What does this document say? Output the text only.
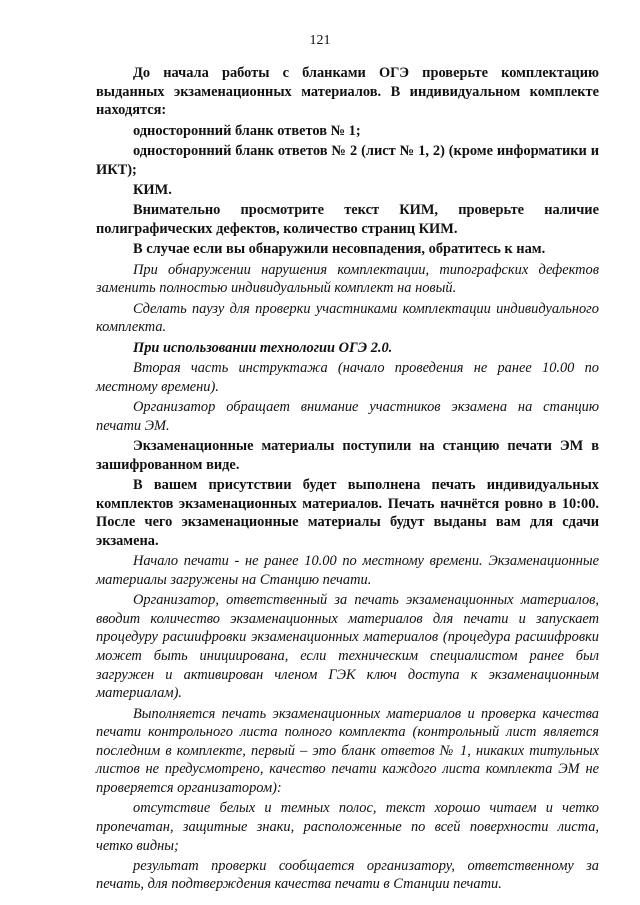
121

До начала работы с бланками ОГЭ проверьте комплектацию выданных экзаменационных материалов. В индивидуальном комплекте находятся:

односторонний бланк ответов № 1;

односторонний бланк ответов № 2 (лист № 1, 2) (кроме информатики и ИКТ);

КИМ.

Внимательно просмотрите текст КИМ, проверьте наличие полиграфических дефектов, количество страниц КИМ.

В случае если вы обнаружили несовпадения, обратитесь к нам.

При обнаружении нарушения комплектации, типографских дефектов заменить полностью индивидуальный комплект на новый.

Сделать паузу для проверки участниками комплектации индивидуального комплекта.

При использовании технологии ОГЭ 2.0.

Вторая часть инструктажа (начало проведения не ранее 10.00 по местному времени).

Организатор обращает внимание участников экзамена на станцию печати ЭМ.

Экзаменационные материалы поступили на станцию печати ЭМ в зашифрованном виде.

В вашем присутствии будет выполнена печать индивидуальных комплектов экзаменационных материалов. Печать начнётся ровно в 10:00. После чего экзаменационные материалы будут выданы вам для сдачи экзамена.

Начало печати - не ранее 10.00 по местному времени. Экзаменационные материалы загружены на Станцию печати.

Организатор, ответственный за печать экзаменационных материалов, вводит количество экзаменационных материалов для печати и запускает процедуру расшифровки экзаменационных материалов (процедура расшифровки может быть инициирована, если техническим специалистом ранее был загружен и активирован членом ГЭК ключ доступа к экзаменационным материалам).

Выполняется печать экзаменационных материалов и проверка качества печати контрольного листа полного комплекта (контрольный лист является последним в комплекте, первый – это бланк ответов № 1, никаких титульных листов не предусмотрено, качество печати каждого листа комплекта ЭМ не проверяется организатором):

отсутствие белых и темных полос, текст хорошо читаем и четко пропечатан, защитные знаки, расположенные по всей поверхности листа, четко видны;

результат проверки сообщается организатору, ответственному за печать, для подтверждения качества печати в Станции печати.
